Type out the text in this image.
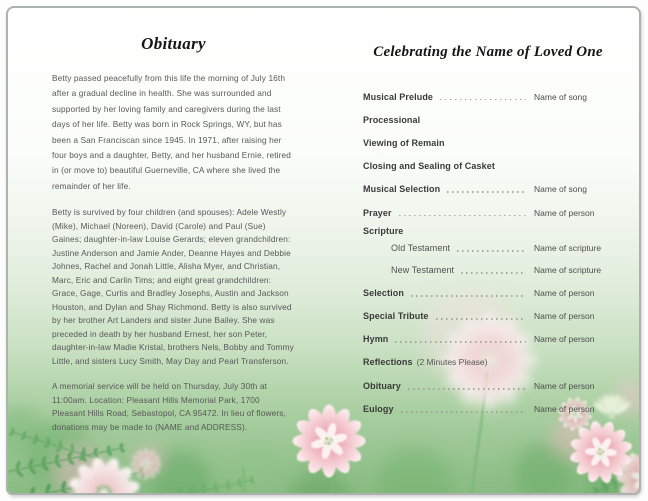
Obituary

Betty passed peacefully from this life the morning of July 16th after a gradual decline in health. She was surrounded and supported by her loving family and caregivers during the last days of her life. Betty was born in Rock Springs, WY, but has been a San Franciscan since 1945. In 1971, after raising her four boys and a daughter, Betty, and her husband Ernie, retired in (or move to) beautiful Guerneville, CA where she lived the remainder of her life.

Betty is survived by four children (and spouses): Adele Westly (Mike), Michael (Noreen), David (Carole) and Paul (Sue) Gaines; daughter-in-law Louise Gerards; eleven grandchildren: Justine Anderson and Jamie Ander, Deanne Hayes and Debbie Johnes, Rachel and Jonah Little, Alisha Myer, and Christian, Marc, Eric and Carlin Tims; and eight great grandchildren: Grace, Gage, Curtis and Bradley Josephs, Austin and Jackson Houston, and Dylan and Shay Richmond. Betty is also survived by her brother Art Landers and sister June Bailey. She was preceded in death by her husband Ernest, her son Peter, daughter-in-law Madie Kristal, brothers Nels, Bobby and Tommy Little, and sisters Lucy Smith, May Day and Pearl Transferson.

A memorial service will be held on Thursday, July 30th at 11:00am. Location: Pleasant Hills Memorial Park, 1700 Pleasant Hills Road, Sebastopol, CA 95472. In lieu of flowers, donations may be made to (NAME and ADDRESS).

Celebrating the Name of Loved One
Musical Prelude	Name of song
Processional
Viewing of Remain
Closing and Sealing of Casket
Musical Selection	Name of song
Prayer	Name of person
Scripture
Old Testament	Name of scripture
New Testament	Name of scripture
Selection	Name of person
Special Tribute	Name of person
Hymn	Name of person
Reflections (2 Minutes Please)
Obituary	Name of person
Eulogy	Name of person
